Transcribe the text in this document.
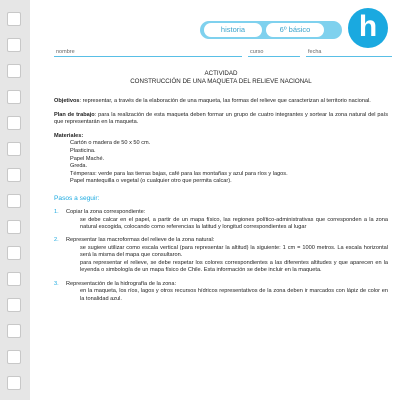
historia	6º básico	h
nombre	curso	fecha
ACTIVIDAD
CONSTRUCCIÓN DE UNA MAQUETA DEL RELIEVE NACIONAL

Objetivos: representar, a través de la elaboración de una maqueta, las formas del relieve que caracterizan al territorio nacional.

Plan de trabajo: para la realización de esta maqueta deben formar un grupo de cuatro integrantes y sortear la zona natural del país que representarán en la maqueta.

Materiales:
Cartón o madera de 50 x 50 cm.
Plasticina.
Papel Maché.
Greda.
Témperas: verde para las tierras bajas, café para las montañas y azul para ríos y lagos.
Papel mantequilla o vegetal (o cualquier otro que permita calcar).
Pasos a seguir:
1.	Copiar la zona correspondiente:
se debe calcar en el papel, a partir de un mapa físico, las regiones político-administrativas que corresponden a la zona natural escogida, colocando como referencias la latitud y longitud correspondientes al lugar
2.	Representar las macroformas del relieve de la zona natural:
se sugiere utilizar como escala vertical (para representar la altitud) la siguiente: 1 cm = 1000 metros. La escala horizontal será la misma del mapa que consultaron.
para representar el relieve, se debe respetar los colores correspondientes a las diferentes altitudes y que aparecen en la leyenda o simbología de un mapa físico de Chile. Esta información se debe incluir en la maqueta.
3.	Representación de la hidrografía de la zona:
en la maqueta, los ríos, lagos y otros recursos hídricos representativos de la zona deben ir marcados con lápiz de color en la tonalidad azul.
